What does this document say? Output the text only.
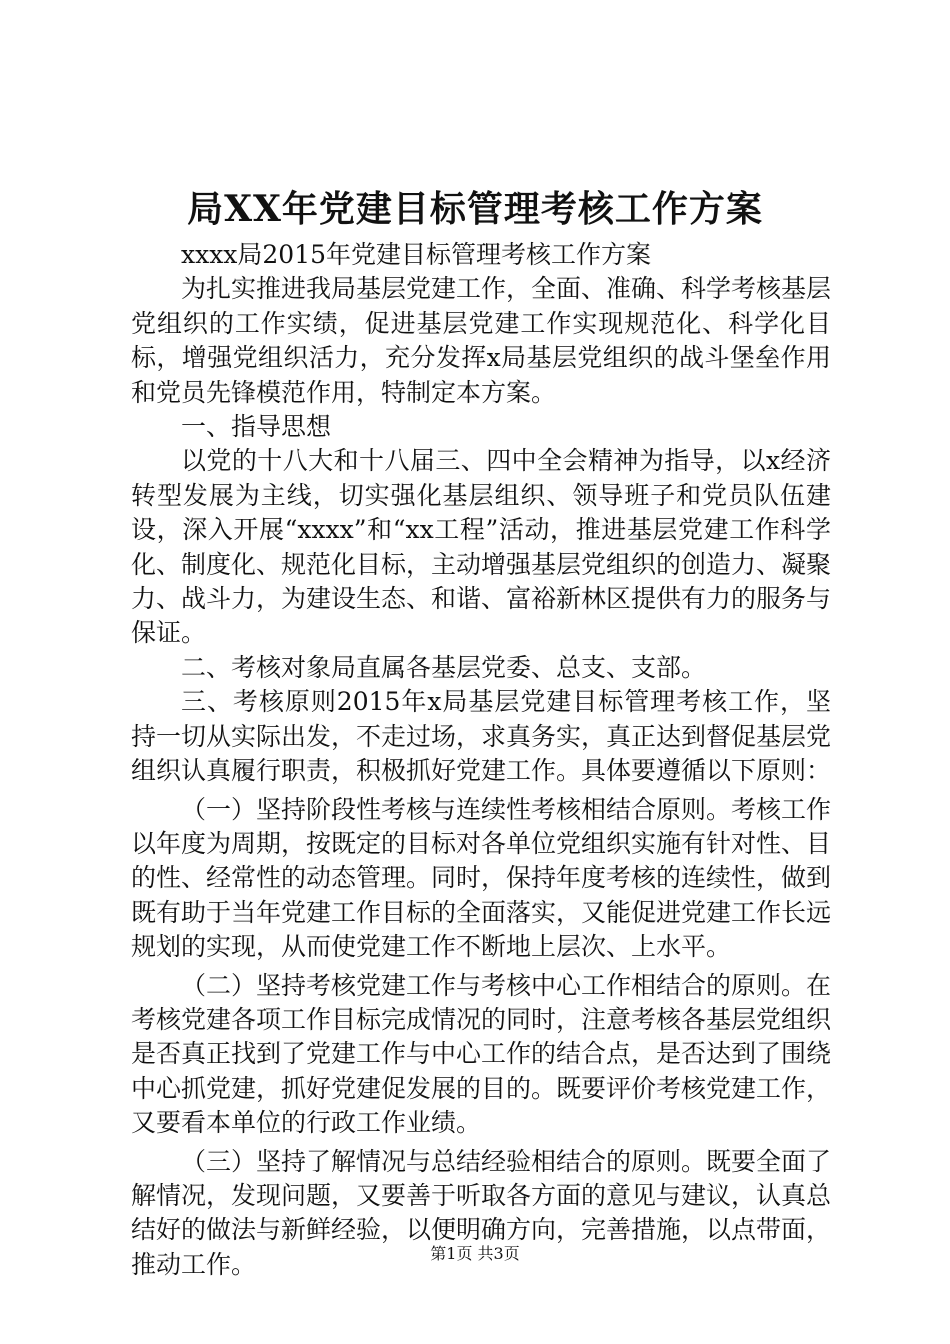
局XX年党建目标管理考核工作方案

xxxx局2015年党建目标管理考核工作方案

为扎实推进我局基层党建工作，全面、准确、科学考核基层党组织的工作实绩，促进基层党建工作实现规范化、科学化目标，增强党组织活力，充分发挥x局基层党组织的战斗堡垒作用和党员先锋模范作用，特制定本方案。

一、指导思想

以党的十八大和十八届三、四中全会精神为指导，以x经济转型发展为主线，切实强化基层组织、领导班子和党员队伍建设，深入开展“xxxx”和“xx工程”活动，推进基层党建工作科学化、制度化、规范化目标，主动增强基层党组织的创造力、凝聚力、战斗力，为建设生态、和谐、富裕新林区提供有力的服务与保证。

二、考核对象局直属各基层党委、总支、支部。

三、考核原则2015年x局基层党建目标管理考核工作，坚持一切从实际出发，不走过场，求真务实，真正达到督促基层党组织认真履行职责，积极抓好党建工作。具体要遵循以下原则：

（一）坚持阶段性考核与连续性考核相结合原则。考核工作以年度为周期，按既定的目标对各单位党组织实施有针对性、目的性、经常性的动态管理。同时，保持年度考核的连续性，做到既有助于当年党建工作目标的全面落实，又能促进党建工作长远规划的实现，从而使党建工作不断地上层次、上水平。

（二）坚持考核党建工作与考核中心工作相结合的原则。在考核党建各项工作目标完成情况的同时，注意考核各基层党组织是否真正找到了党建工作与中心工作的结合点，是否达到了围绕中心抓党建，抓好党建促发展的目的。既要评价考核党建工作，又要看本单位的行政工作业绩。

（三）坚持了解情况与总结经验相结合的原则。既要全面了解情况，发现问题，又要善于听取各方面的意见与建议，认真总结好的做法与新鲜经验，以便明确方向，完善措施，以点带面，推动工作。	第1页 共3页
